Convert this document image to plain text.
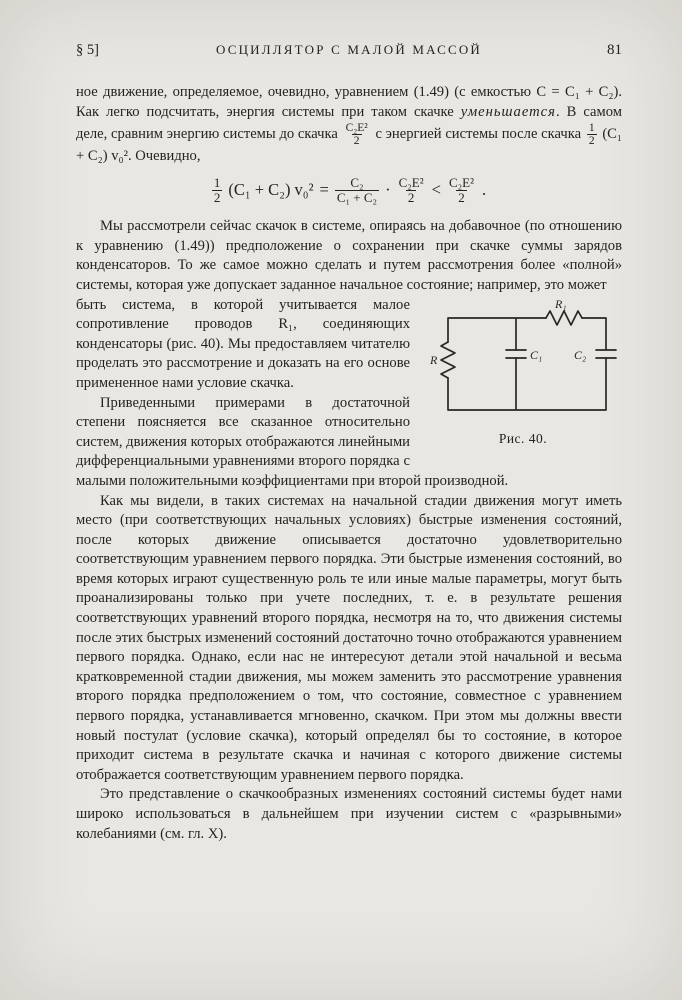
§ 5]	ОСЦИЛЛЯТОР С МАЛОЙ МАССОЙ	81

ное движение, определяемое, очевидно, уравнением (1.49) (с емкостью C = C₁ + C₂). Как легко подсчитать, энергия системы при таком скачке уменьшается. В самом деле, сравним энергию системы до скачка $\frac{\text{C₂E²}}{2}$ с энергией системы после скачка $\frac{1}{2} (C_1 + C_2)$ v₀². Очевидно,

$\frac{1}{2} (C_1 + C_2) v_0^2 = \frac{\text{C₂}}{\text{C₁ + C₂}} \cdot \frac{\text{C₂E²}}{2} < \frac{\text{C₂E²}}{2}$ .

Мы рассмотрели сейчас скачок в системе, опираясь на добавочное (по отношению к уравнению (1.49)) предположение о сохранении при скачке суммы зарядов конденсаторов. То же самое можно сделать и путем рассмотрения более «полной» системы, которая уже допускает заданное начальное состояние; например, это может

R
R₁
C₁	C₂
Рис. 40.
быть система, в которой учитывается малое сопротивление проводов R₁, соединяющих конденсаторы (рис. 40). Мы предоставляем читателю проделать это рассмотрение и доказать на его основе примененное нами условие скачка.

Приведенными примерами в достаточной степени поясняется все сказанное относительно систем, движения которых отображаются линейными дифференциальными уравнениями второго порядка с малыми положительными коэффициентами при второй производной.

Как мы видели, в таких системах на начальной стадии движения могут иметь место (при соответствующих начальных условиях) быстрые изменения состояний, после которых движение описывается достаточно удовлетворительно соответствующим уравнением первого порядка. Эти быстрые изменения состояний, во время которых играют существенную роль те или иные малые параметры, могут быть проанализированы только при учете последних, т. е. в результате решения соответствующих уравнений второго порядка, несмотря на то, что движения системы после этих быстрых изменений состояний достаточно точно отображаются уравнением первого порядка. Однако, если нас не интересуют детали этой начальной и весьма кратковременной стадии движения, мы можем заменить это рассмотрение уравнения второго порядка предположением о том, что состояние, совместное с уравнением первого порядка, устанавливается мгновенно, скачком. При этом мы должны ввести новый постулат (условие скачка), который определял бы то состояние, в которое приходит система в результате скачка и начиная с которого движение системы отображается соответствующим уравнением первого порядка.

Это представление о скачкообразных изменениях состояний системы будет нами широко использоваться в дальнейшем при изучении систем с «разрывными» колебаниями (см. гл. X).
